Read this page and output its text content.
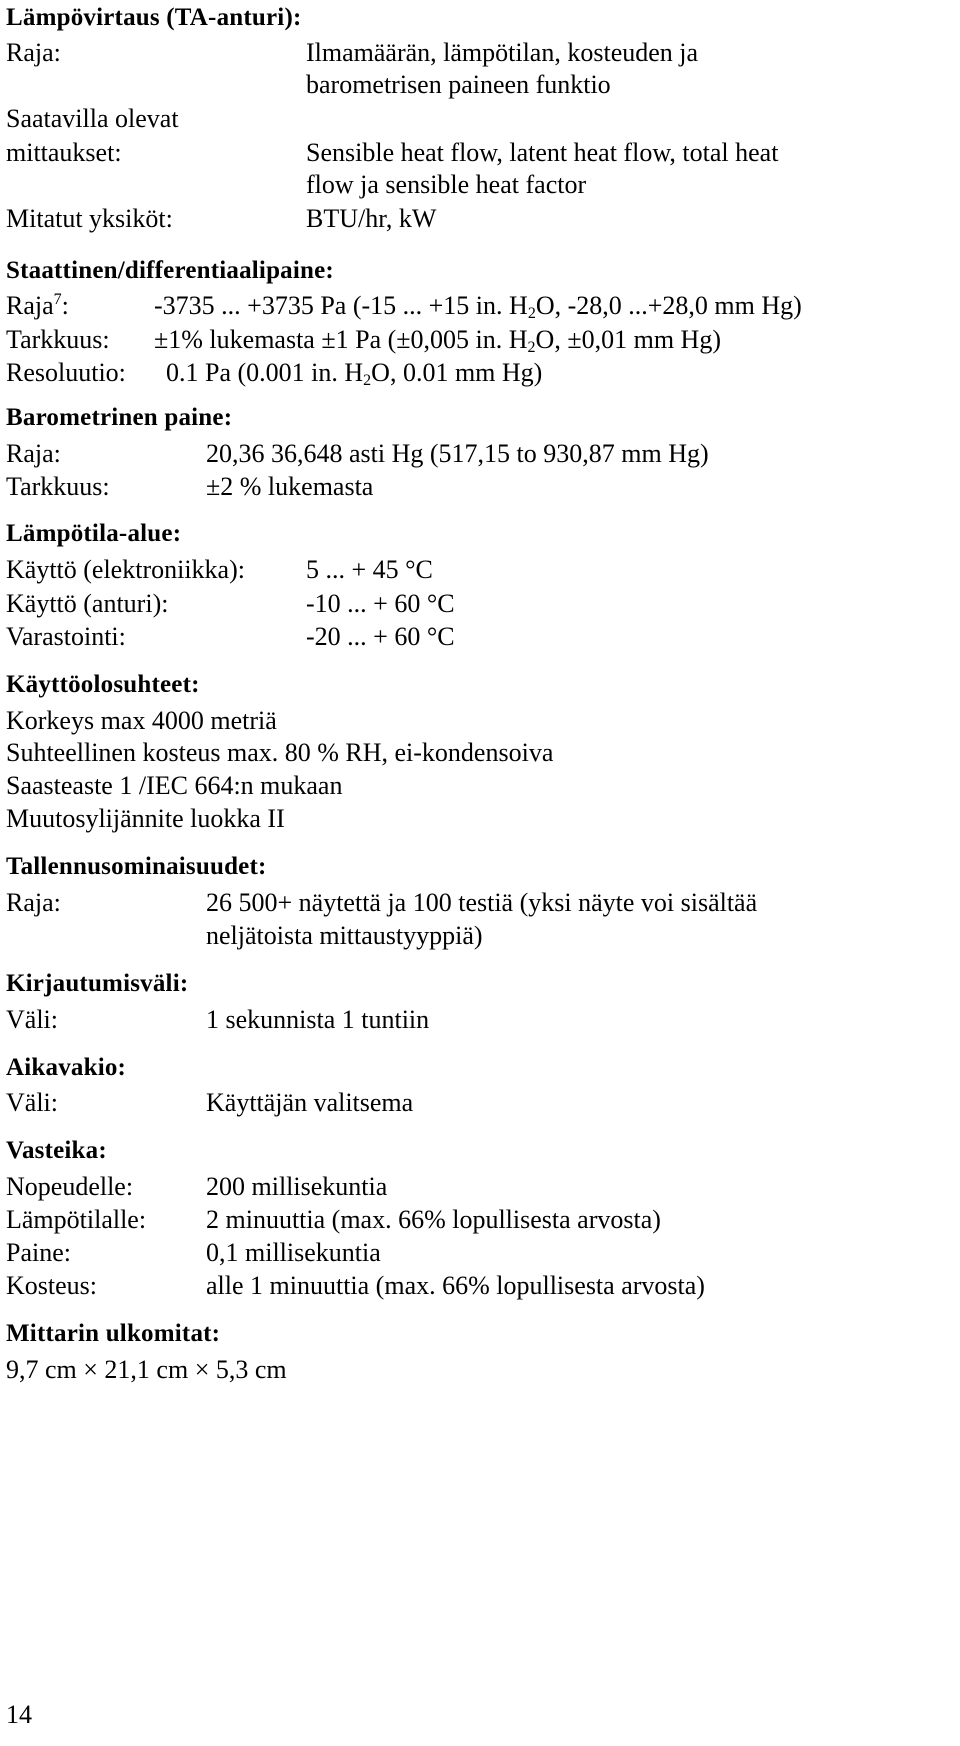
Lämpövirtaus (TA-anturi):
Raja:	Ilmamäärän, lämpötilan, kosteuden ja
barometrisen paineen funktio
Saatavilla olevat
mittaukset:	Sensible heat flow, latent heat flow, total heat
flow ja sensible heat factor
Mitatut yksiköt:	BTU/hr, kW
Staattinen/differentiaalipaine:
Raja$^7$:	-3735 ... +3735 Pa (-15 ... +15 in. $H_2O$, -28,0 ...+28,0 mm Hg)
Tarkkuus: ±1% lukemasta ±1 Pa (±0,005 in. $H_2O$, ±0,01 mm Hg)
Resoluutio: 0.1 Pa (0.001 in. $H_2O$, 0.01 mm Hg)
Barometrinen paine:
Raja:	20,36 36,648 asti Hg (517,15 to 930,87 mm Hg)
Tarkkuus:	±2 % lukemasta
Lämpötila-alue:
Käyttö (elektroniikka): 5 ... + 45 °C
Käyttö (anturi):	-10 ... + 60 °C
Varastointi:	-20 ... + 60 °C
Käyttöolosuhteet:
Korkeys max 4000 metriä
Suhteellinen kosteus max. 80 % RH, ei-kondensoiva
Saasteaste 1 /IEC 664:n mukaan
Muutosylijännite luokka II
Tallennusominaisuudet:
Raja:	26 500+ näytettä ja 100 testiä (yksi näyte voi sisältää
neljätoista mittaustyyppiä)
Kirjautumisväli:
Väli:	1 sekunnista 1 tuntiin
Aikavakio:
Väli:	Käyttäjän valitsema
Vasteika:
Nopeudelle:	200 millisekuntia
Lämpötilalle: 2 minuuttia (max. 66% lopullisesta arvosta)
Paine:	0,1 millisekuntia
Kosteus:	alle 1 minuuttia (max. 66% lopullisesta arvosta)
Mittarin ulkomitat:
9,7 cm × 21,1 cm × 5,3 cm
14
